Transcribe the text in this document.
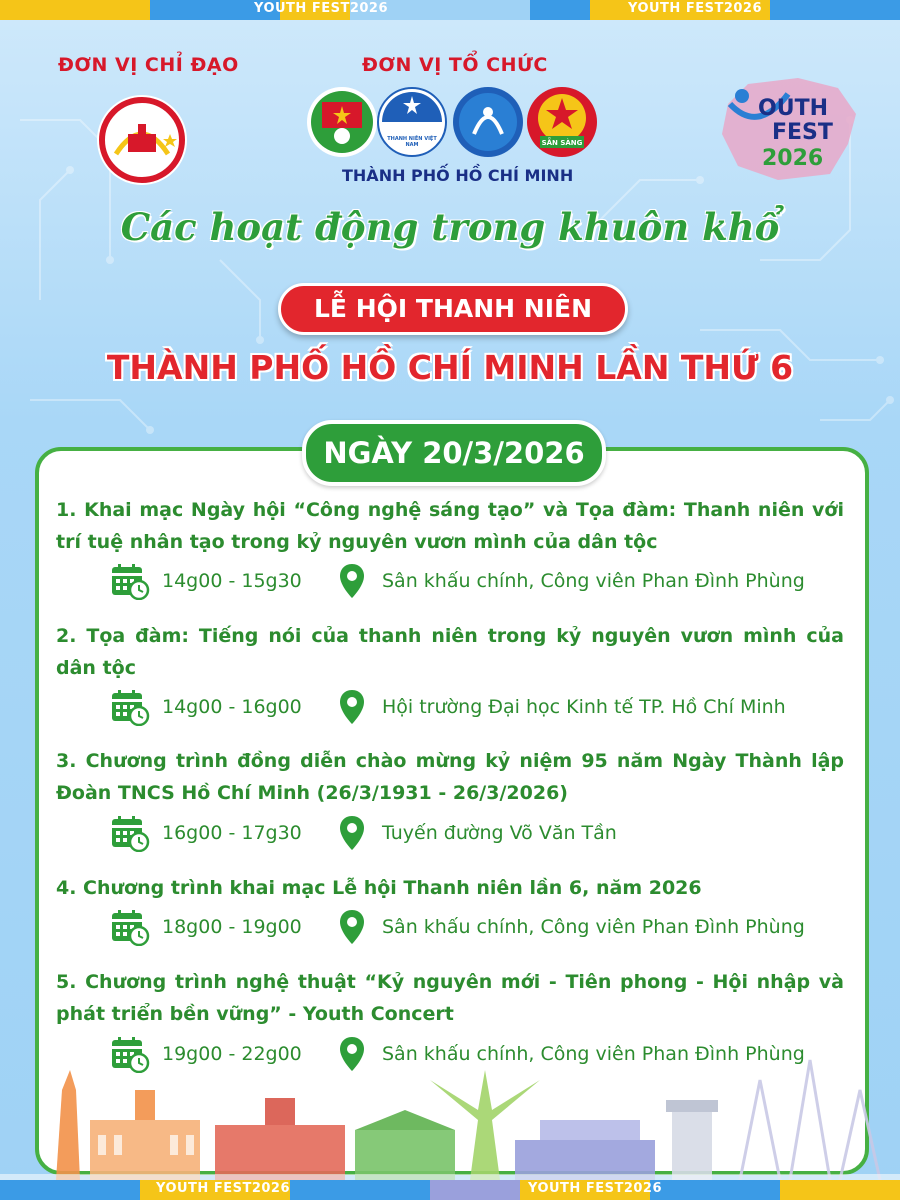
YOUTH FEST2026	YOUTH FEST2026
ĐƠN VỊ CHỈ ĐẠO	ĐƠN VỊ TỔ CHỨC
THÀNH PHỐ HỒ CHÍ MINH
THANH NIÊN VIỆT NAM	SẴN SÀNG
OUTH
FEST
2026
Các hoạt động trong khuôn khổ
LỄ HỘI THANH NIÊN
THÀNH PHỐ HỒ CHÍ MINH LẦN THỨ 6
NGÀY 20/3/2026
1. Khai mạc Ngày hội “Công nghệ sáng tạo” và Tọa đàm: Thanh niên với trí tuệ nhân tạo trong kỷ nguyên vươn mình của dân tộc
14g00 - 15g30	Sân khấu chính, Công viên Phan Đình Phùng
2. Tọa đàm: Tiếng nói của thanh niên trong kỷ nguyên vươn mình của dân tộc
14g00 - 16g00	Hội trường Đại học Kinh tế TP. Hồ Chí Minh
3. Chương trình đồng diễn chào mừng kỷ niệm 95 năm Ngày Thành lập Đoàn TNCS Hồ Chí Minh (26/3/1931 - 26/3/2026)
16g00 - 17g30	Tuyến đường Võ Văn Tần
4. Chương trình khai mạc Lễ hội Thanh niên lần 6, năm 2026
18g00 - 19g00	Sân khấu chính, Công viên Phan Đình Phùng
5. Chương trình nghệ thuật “Kỷ nguyên mới - Tiên phong - Hội nhập và phát triển bền vững” - Youth Concert
19g00 - 22g00	Sân khấu chính, Công viên Phan Đình Phùng
YOUTH FEST2026	YOUTH FEST2026
